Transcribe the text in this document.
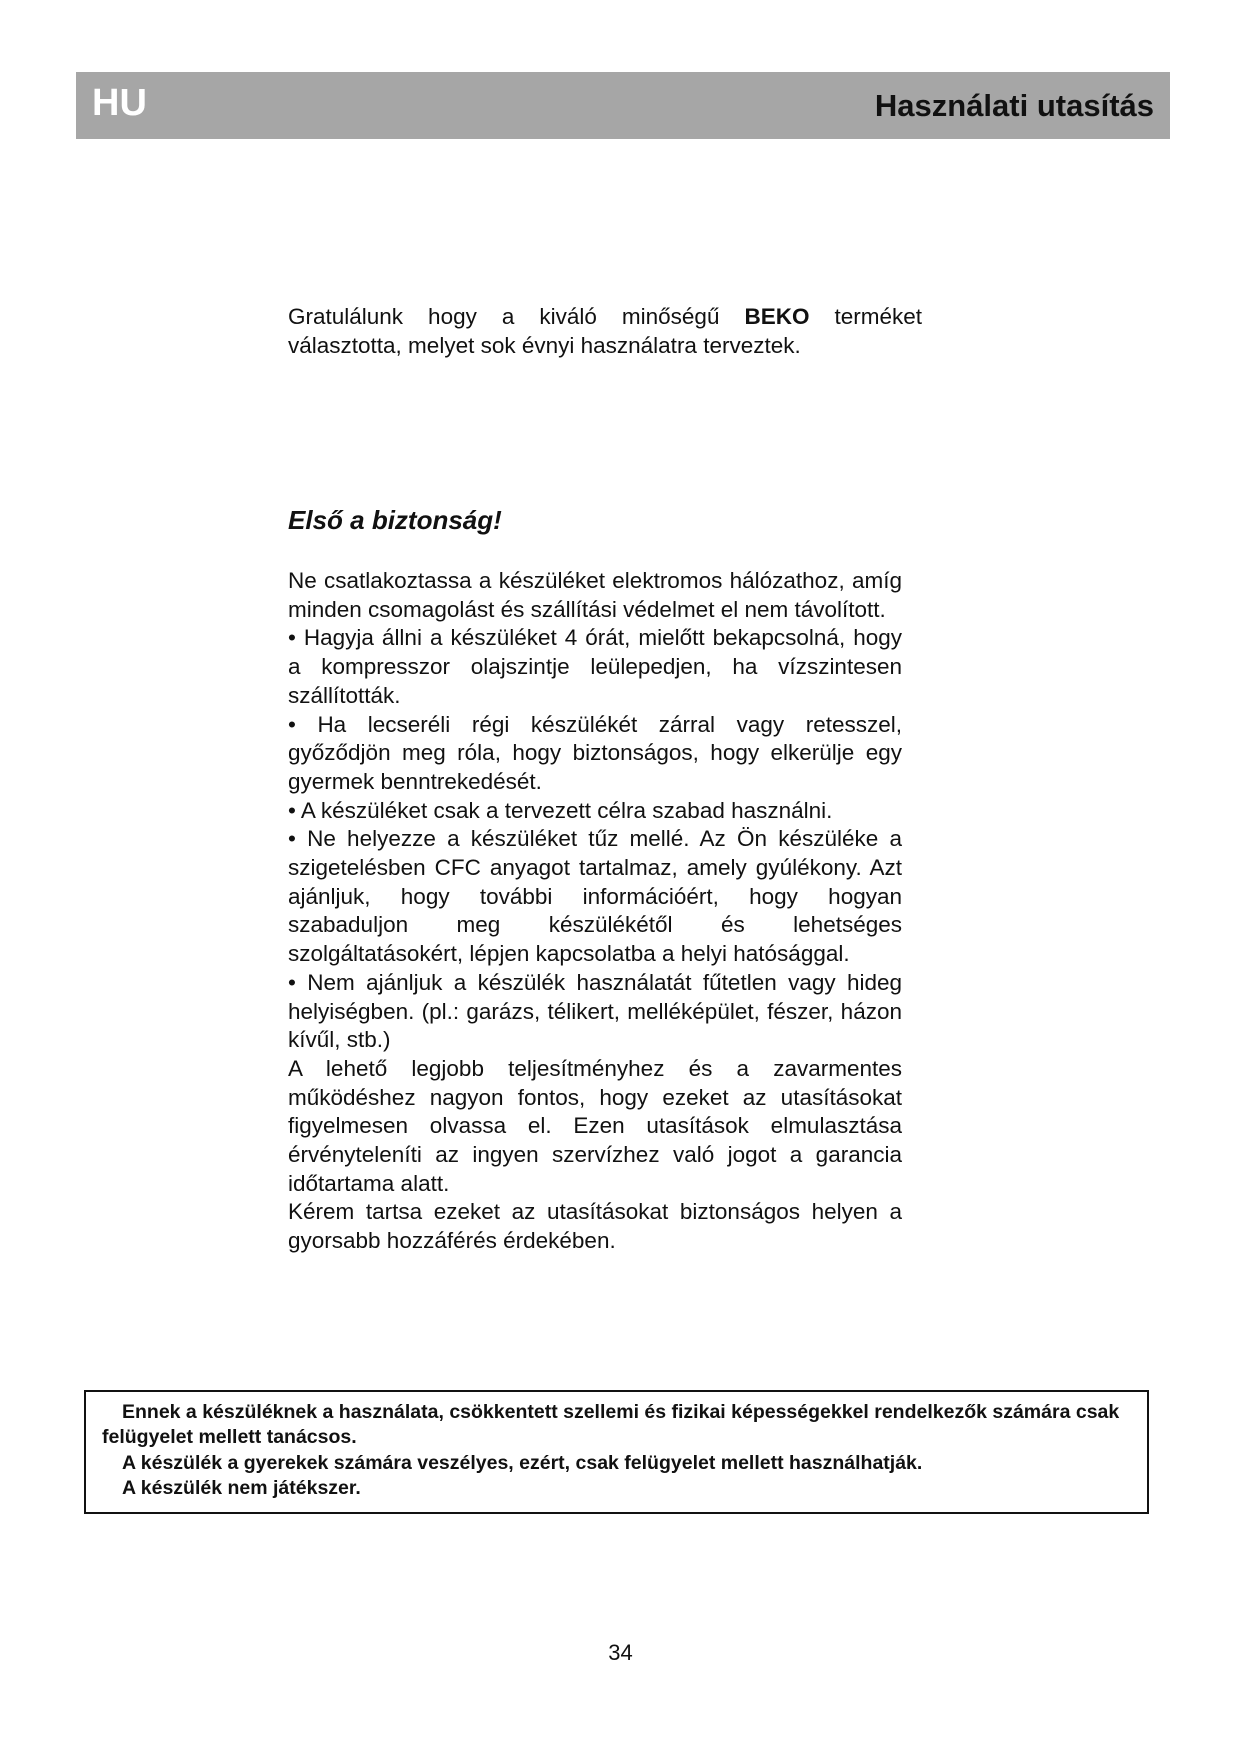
HU	Használati utasítás
Gratulálunk hogy a kiváló minőségű BEKO terméket választotta, melyet sok évnyi használatra terveztek.
Első a biztonság!

Ne csatlakoztassa a készüléket elektromos hálózathoz, amíg minden csomagolást és szállítási védelmet el nem távolított.

• Hagyja állni a készüléket 4 órát, mielőtt bekapcsolná, hogy a kompresszor olajszintje leülepedjen, ha vízszintesen szállították.

• Ha lecseréli régi készülékét zárral vagy retesszel, győződjön meg róla, hogy biztonságos, hogy elkerülje egy gyermek benntrekedését.

• A készüléket csak a tervezett célra szabad használni.

• Ne helyezze a készüléket tűz mellé. Az Ön készüléke a szigetelésben CFC anyagot tartalmaz, amely gyúlékony. Azt ajánljuk, hogy további információért, hogy hogyan szabaduljon meg készülékétől és lehetséges szolgáltatásokért, lépjen kapcsolatba a helyi hatósággal.

• Nem ajánljuk a készülék használatát fűtetlen vagy hideg helyiségben. (pl.: garázs, télikert, melléképület, fészer, házon kívűl, stb.)

A lehető legjobb teljesítményhez és a zavarmentes működéshez nagyon fontos, hogy ezeket az utasításokat figyelmesen olvassa el. Ezen utasítások elmulasztása érvényteleníti az ingyen szervízhez való jogot a garancia időtartama alatt.

Kérem tartsa ezeket az utasításokat biztonságos helyen a gyorsabb hozzáférés érdekében.

Ennek a készüléknek a használata, csökkentett szellemi és fizikai képességekkel rendelkezők számára csak felügyelet mellett tanácsos.

A készülék a gyerekek számára veszélyes, ezért, csak felügyelet mellett használhatják.

A készülék nem játékszer.

34
